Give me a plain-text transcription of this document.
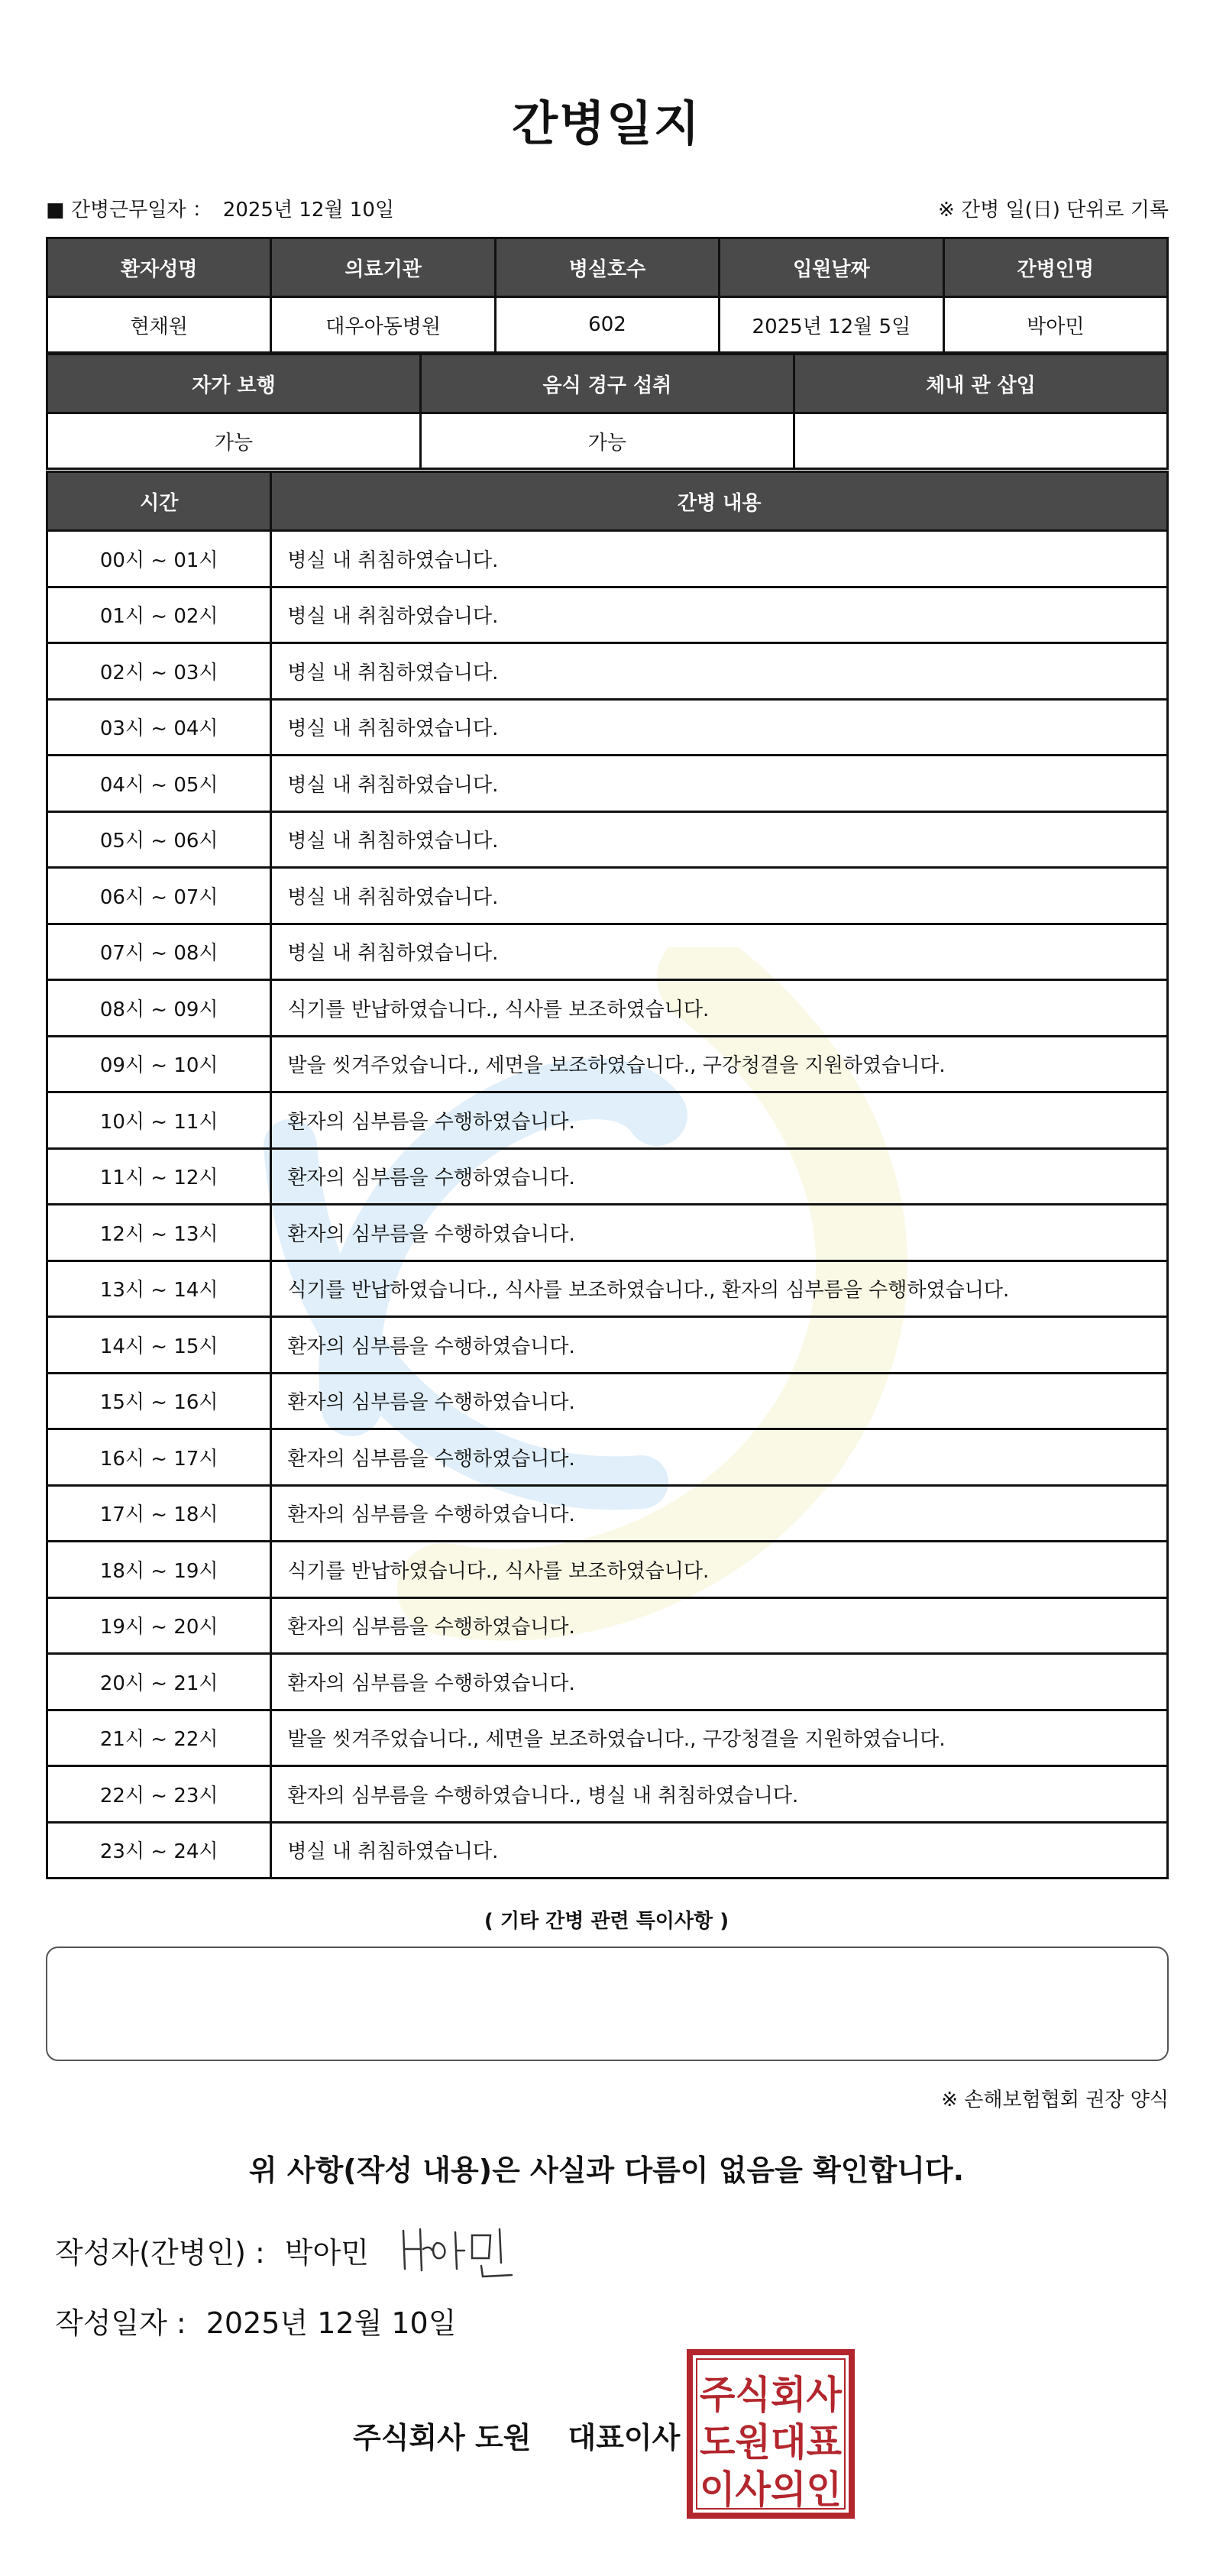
간병일지
■ 간병근무일자 ： 2025년 12월 10일	※ 간병 일(日) 단위로 기록
환자성명	의료기관	병실호수	입원날짜	간병인명
현채원	대우아동병원	602	2025년 12월 5일	박아민
자가 보행	음식 경구 섭취	체내 관 삽입
가능	가능	
시간	간병 내용
00시 ~ 01시	병실 내 취침하였습니다.
01시 ~ 02시	병실 내 취침하였습니다.
02시 ~ 03시	병실 내 취침하였습니다.
03시 ~ 04시	병실 내 취침하였습니다.
04시 ~ 05시	병실 내 취침하였습니다.
05시 ~ 06시	병실 내 취침하였습니다.
06시 ~ 07시	병실 내 취침하였습니다.
07시 ~ 08시	병실 내 취침하였습니다.
08시 ~ 09시	식기를 반납하였습니다., 식사를 보조하였습니다.
09시 ~ 10시	발을 씻겨주었습니다., 세면을 보조하였습니다., 구강청결을 지원하였습니다.
10시 ~ 11시	환자의 심부름을 수행하였습니다.
11시 ~ 12시	환자의 심부름을 수행하였습니다.
12시 ~ 13시	환자의 심부름을 수행하였습니다.
13시 ~ 14시	식기를 반납하였습니다., 식사를 보조하였습니다., 환자의 심부름을 수행하였습니다.
14시 ~ 15시	환자의 심부름을 수행하였습니다.
15시 ~ 16시	환자의 심부름을 수행하였습니다.
16시 ~ 17시	환자의 심부름을 수행하였습니다.
17시 ~ 18시	환자의 심부름을 수행하였습니다.
18시 ~ 19시	식기를 반납하였습니다., 식사를 보조하였습니다.
19시 ~ 20시	환자의 심부름을 수행하였습니다.
20시 ~ 21시	환자의 심부름을 수행하였습니다.
21시 ~ 22시	발을 씻겨주었습니다., 세면을 보조하였습니다., 구강청결을 지원하였습니다.
22시 ~ 23시	환자의 심부름을 수행하였습니다., 병실 내 취침하였습니다.
23시 ~ 24시	병실 내 취침하였습니다.
( 기타 간병 관련 특이사항 )
※ 손해보험협회 권장 양식
위 사항(작성 내용)은 사실과 다름이 없음을 확인합니다.
작성자(간병인) : 박아민
작성일자 : 2025년 12월 10일
주식회사 도원 대표이사
주식회사
도원대표
이사의인
